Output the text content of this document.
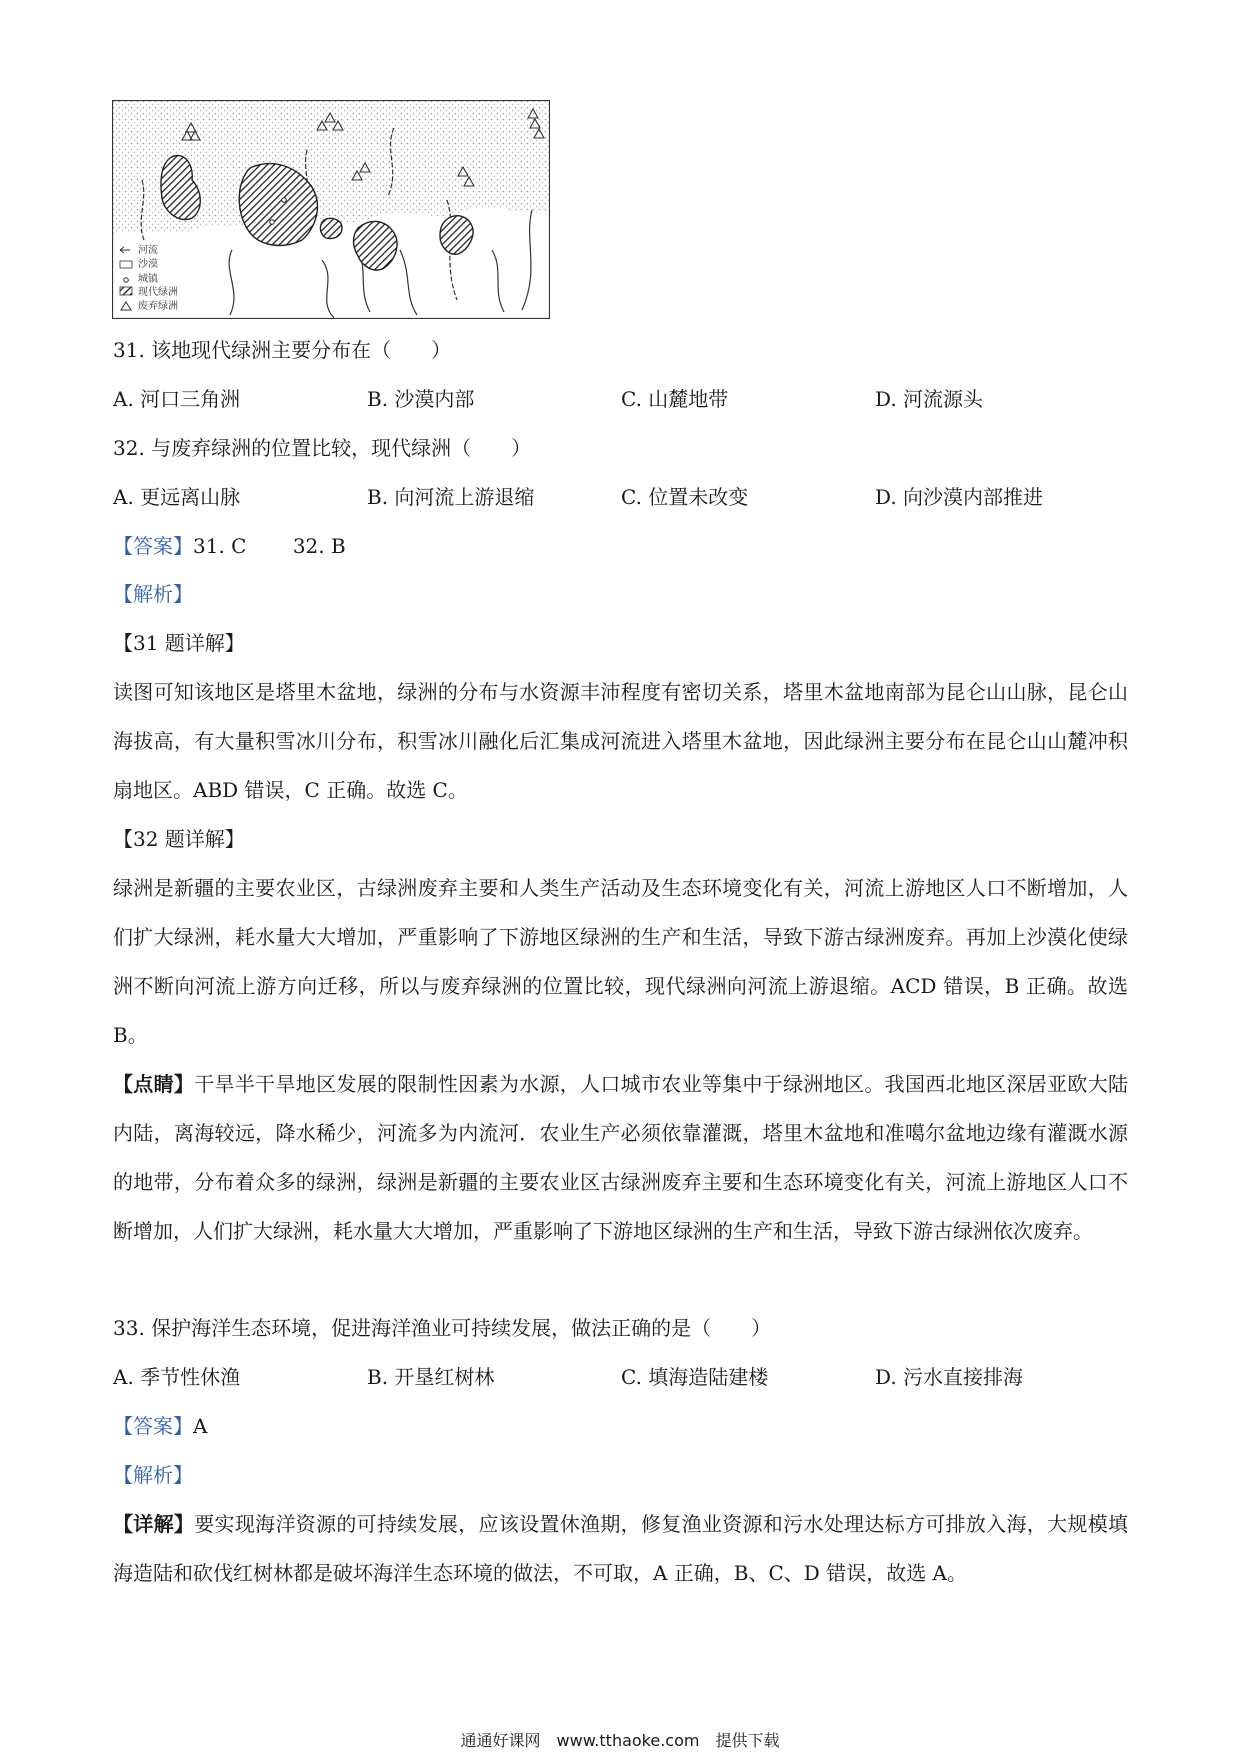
河流
沙漠
城镇
现代绿洲
废弃绿洲
31. 该地现代绿洲主要分布在（　　）
A. 河口三角洲	B. 沙漠内部	C. 山麓地带	D. 河流源头
32. 与废弃绿洲的位置比较，现代绿洲（　　）
A. 更远离山脉	B. 向河流上游退缩	C. 位置未改变	D. 向沙漠内部推进
【答案】31. C　　 32. B
【解析】
【31 题详解】
读图可知该地区是塔里木盆地，绿洲的分布与水资源丰沛程度有密切关系，塔里木盆地南部为昆仑山山脉，昆仑山海拔高，有大量积雪冰川分布，积雪冰川融化后汇集成河流进入塔里木盆地，因此绿洲主要分布在昆仑山山麓冲积扇地区。ABD 错误，C 正确。故选 C。
【32 题详解】
绿洲是新疆的主要农业区，古绿洲废弃主要和人类生产活动及生态环境变化有关，河流上游地区人口不断增加，人们扩大绿洲，耗水量大大增加，严重影响了下游地区绿洲的生产和生活，导致下游古绿洲废弃。再加上沙漠化使绿洲不断向河流上游方向迁移，所以与废弃绿洲的位置比较，现代绿洲向河流上游退缩。ACD 错误，B 正确。故选 B。
【点睛】干旱半干旱地区发展的限制性因素为水源，人口城市农业等集中于绿洲地区。我国西北地区深居亚欧大陆内陆，离海较远，降水稀少，河流多为内流河．农业生产必须依靠灌溉，塔里木盆地和准噶尔盆地边缘有灌溉水源的地带，分布着众多的绿洲，绿洲是新疆的主要农业区古绿洲废弃主要和生态环境变化有关，河流上游地区人口不断增加，人们扩大绿洲，耗水量大大增加，严重影响了下游地区绿洲的生产和生活，导致下游古绿洲依次废弃。
33. 保护海洋生态环境，促进海洋渔业可持续发展，做法正确的是（　　）
A. 季节性休渔	B. 开垦红树林	C. 填海造陆建楼	D. 污水直接排海
【答案】A
【解析】
【详解】要实现海洋资源的可持续发展，应该设置休渔期，修复渔业资源和污水处理达标方可排放入海，大规模填海造陆和砍伐红树林都是破坏海洋生态环境的做法，不可取，A 正确，B、C、D 错误，故选 A。
通通好课网　www.tthaoke.com　提供下载
